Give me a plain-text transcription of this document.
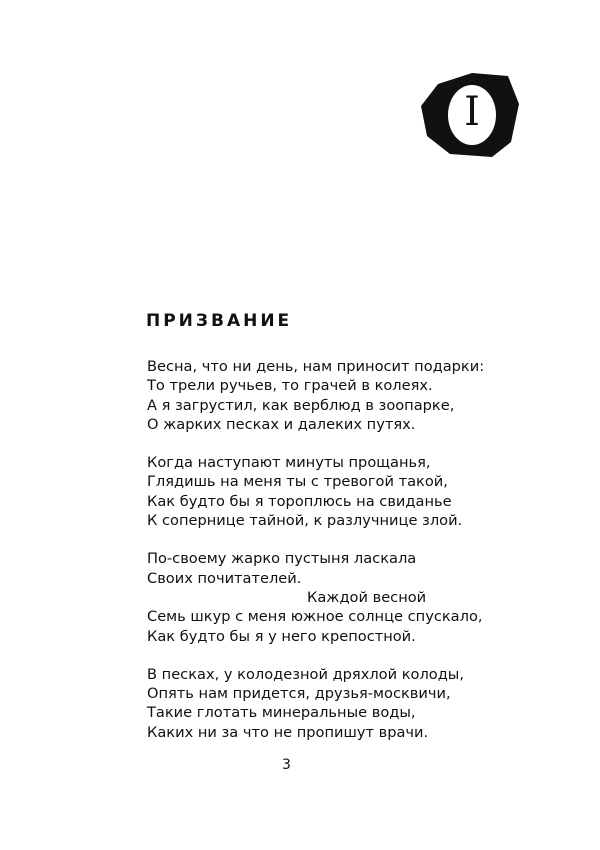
I
ПРИЗВАНИЕ
Весна, что ни день, нам приносит подарки:
То трели ручьев, то грачей в колеях.
А я загрустил, как верблюд в зоопарке,
О жарких песках и далеких путях.
Когда наступают минуты прощанья,
Глядишь на меня ты с тревогой такой,
Как будто бы я тороплюсь на свиданье
К сопернице тайной, к разлучнице злой.
По-своему жарко пустыня ласкала
Своих почитателей.
Каждой весной
Семь шкур с меня южное солнце спускало,
Как будто бы я у него крепостной.
В песках, у колодезной дряхлой колоды,
Опять нам придется, друзья-москвичи,
Такие глотать минеральные воды,
Каких ни за что не пропишут врачи.
3
